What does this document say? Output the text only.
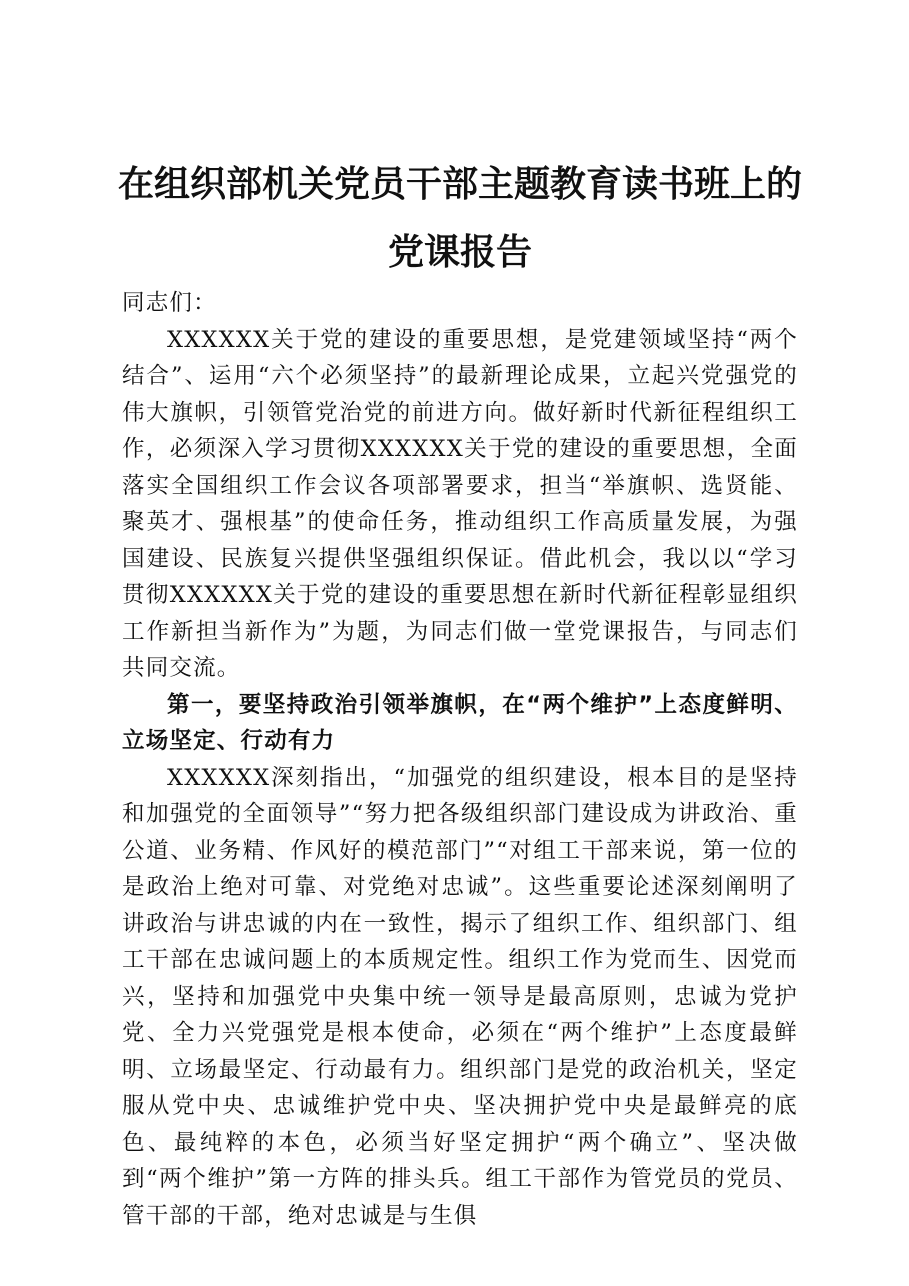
在组织部机关党员干部主题教育读书班上的党课报告

同志们：

XXXXXX关于党的建设的重要思想，是党建领域坚持“两个结合”、运用“六个必须坚持”的最新理论成果，立起兴党强党的伟大旗帜，引领管党治党的前进方向。做好新时代新征程组织工作，必须深入学习贯彻XXXXXX关于党的建设的重要思想，全面落实全国组织工作会议各项部署要求，担当“举旗帜、选贤能、聚英才、强根基”的使命任务，推动组织工作高质量发展，为强国建设、民族复兴提供坚强组织保证。借此机会，我以以“学习贯彻XXXXXX关于党的建设的重要思想在新时代新征程彰显组织工作新担当新作为”为题，为同志们做一堂党课报告，与同志们共同交流。

第一，要坚持政治引领举旗帜，在“两个维护”上态度鲜明、立场坚定、行动有力

XXXXXX深刻指出，“加强党的组织建设，根本目的是坚持和加强党的全面领导”“努力把各级组织部门建设成为讲政治、重公道、业务精、作风好的模范部门”“对组工干部来说，第一位的是政治上绝对可靠、对党绝对忠诚”。这些重要论述深刻阐明了讲政治与讲忠诚的内在一致性，揭示了组织工作、组织部门、组工干部在忠诚问题上的本质规定性。组织工作为党而生、因党而兴，坚持和加强党中央集中统一领导是最高原则，忠诚为党护党、全力兴党强党是根本使命，必须在“两个维护”上态度最鲜明、立场最坚定、行动最有力。组织部门是党的政治机关，坚定服从党中央、忠诚维护党中央、坚决拥护党中央是最鲜亮的底色、最纯粹的本色，必须当好坚定拥护“两个确立”、坚决做到“两个维护”第一方阵的排头兵。组工干部作为管党员的党员、管干部的干部，绝对忠诚是与生俱
